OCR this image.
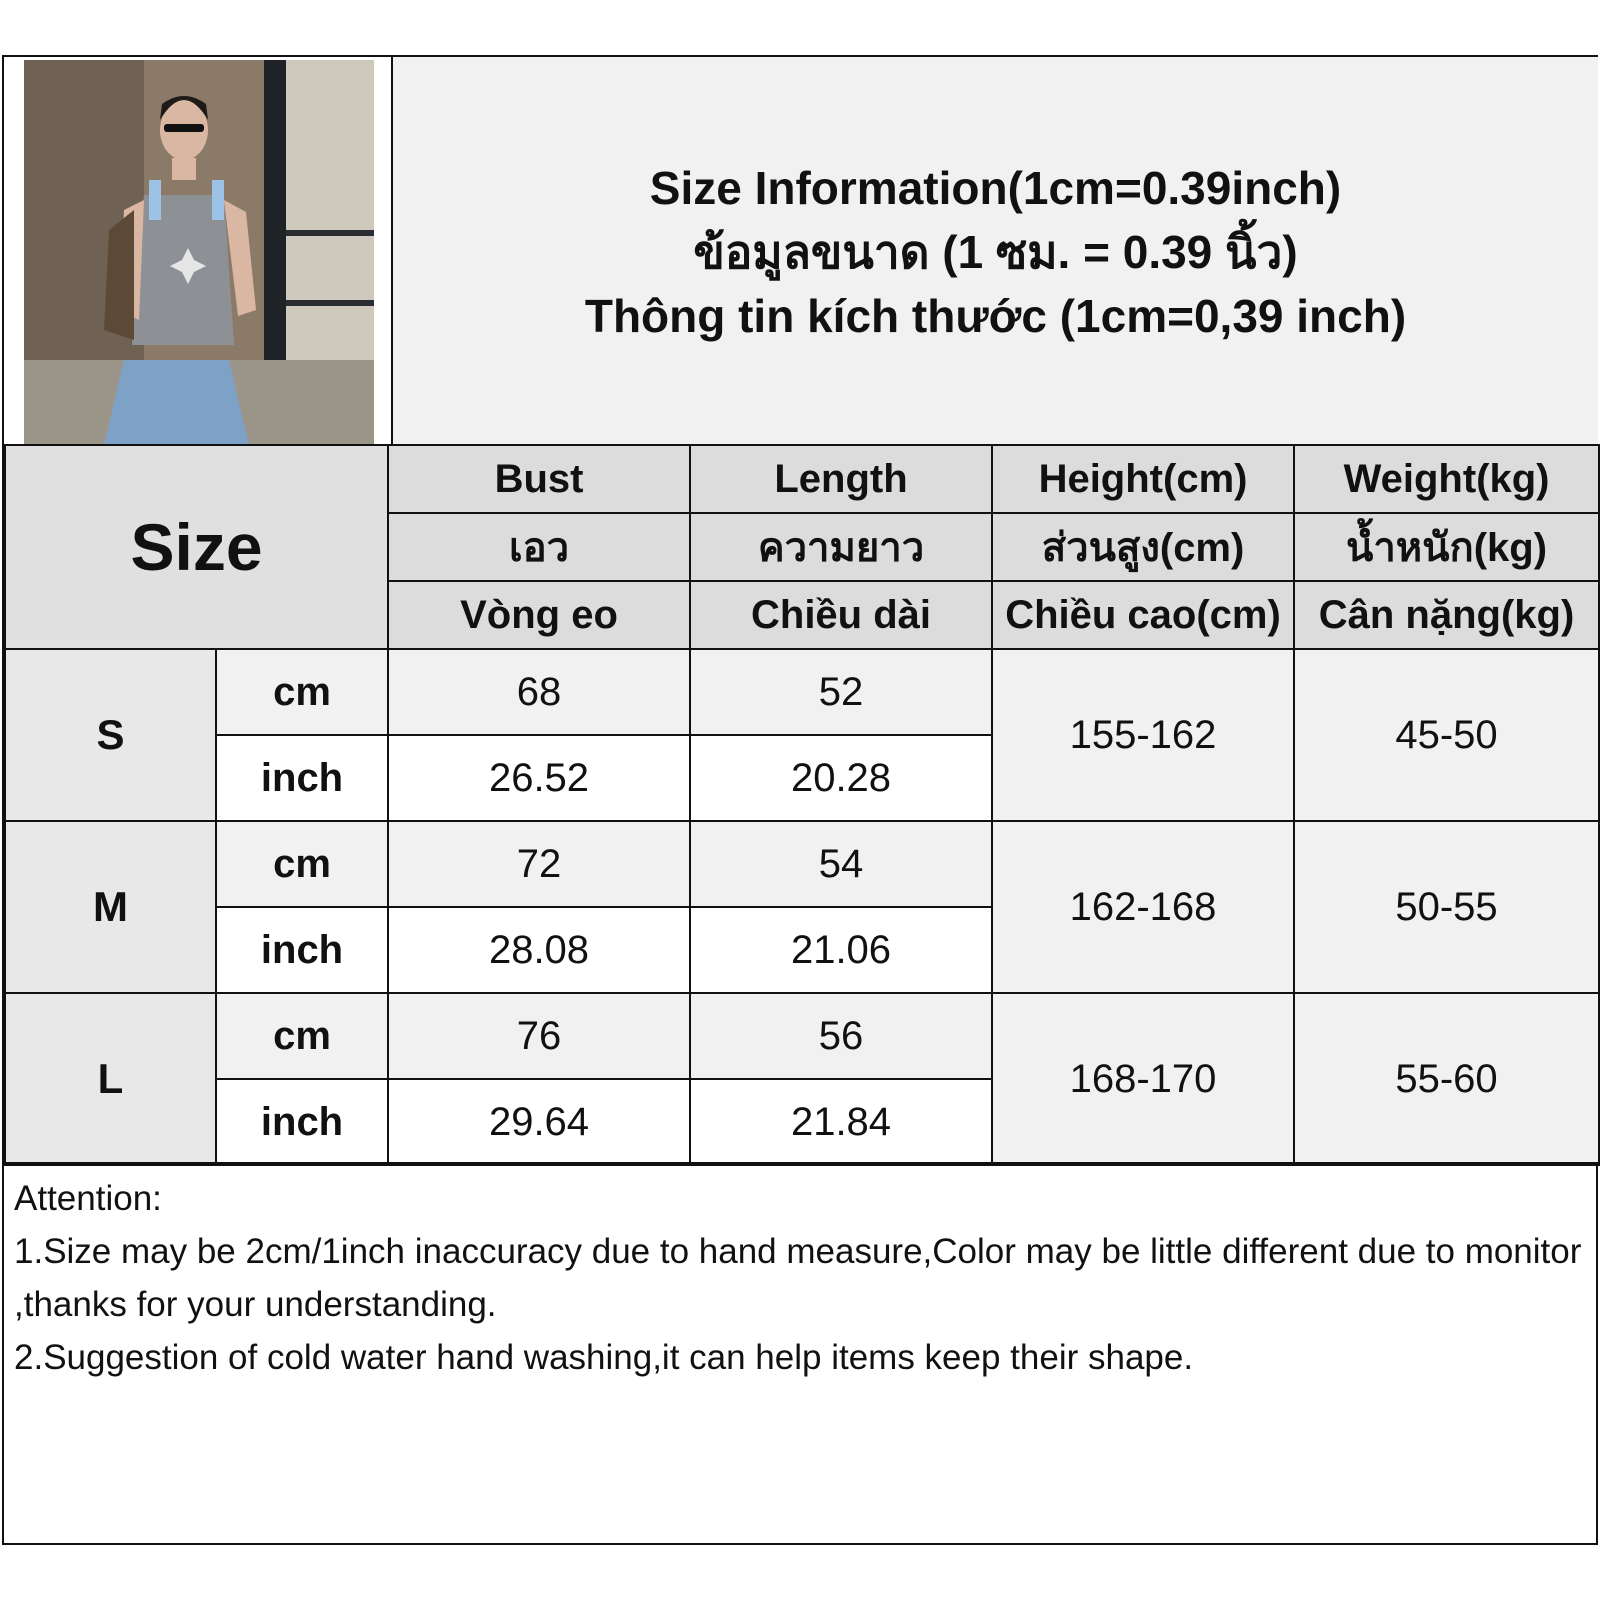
Size Information(1cm=0.39inch)
ข้อมูลขนาด (1 ซม. = 0.39 นิ้ว)
Thông tin kích thước (1cm=0,39 inch)
Size		Bust	Length	Height(cm)	Weight(kg)
		เอว	ความยาว	ส่วนสูง(cm)	น้ำหนัก(kg)
		Vòng eo	Chiều dài	Chiều cao(cm)	Cân nặng(kg)
S	cm	68	52	155-162	45-50
	inch	26.52	20.28		
M	cm	72	54	162-168	50-55
	inch	28.08	21.06		
L	cm	76	56	168-170	55-60
	inch	29.64	21.84		
Attention:
1.Size may be 2cm/1inch inaccuracy due to hand measure,Color may be little different due to monitor ,thanks for your understanding.
2.Suggestion of cold water hand washing,it can help items keep their shape.
